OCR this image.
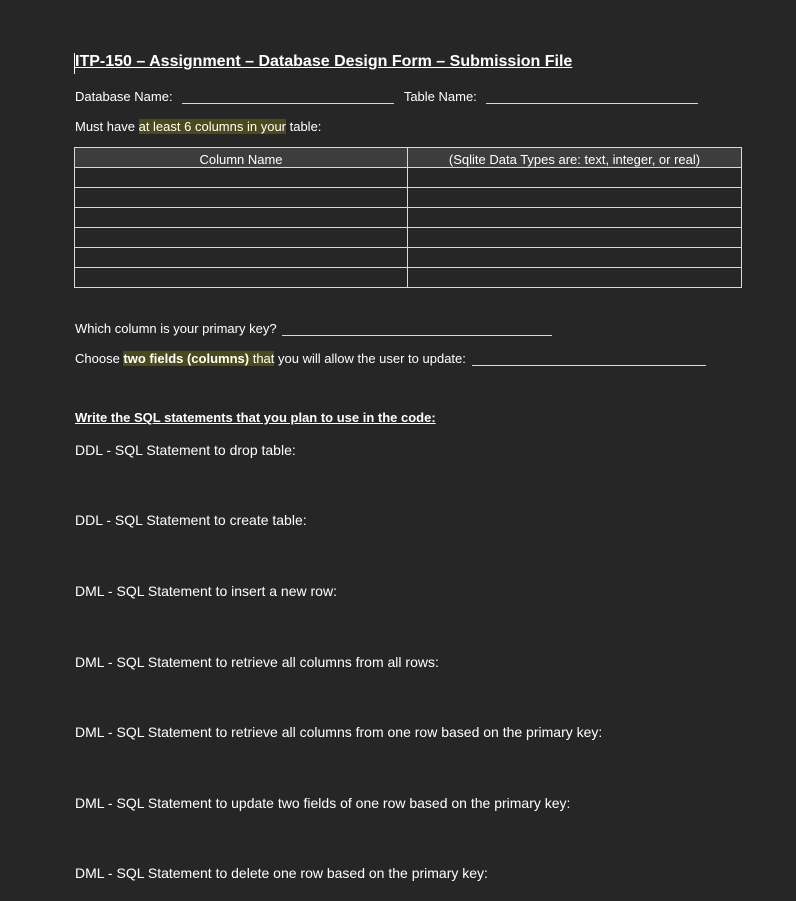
ITP-150 – Assignment – Database Design Form – Submission File
Database Name:	Table Name:
Must have at least 6 columns in your table:
Column Name	(Sqlite Data Types are: text, integer, or real)

Which column is your primary key?
Choose two fields (columns) that you will allow the user to update:
Write the SQL statements that you plan to use in the code:
DDL - SQL Statement to drop table:
DDL - SQL Statement to create table:
DML - SQL Statement to insert a new row:
DML - SQL Statement to retrieve all columns from all rows:
DML - SQL Statement to retrieve all columns from one row based on the primary key:
DML - SQL Statement to update two fields of one row based on the primary key:
DML - SQL Statement to delete one row based on the primary key:
